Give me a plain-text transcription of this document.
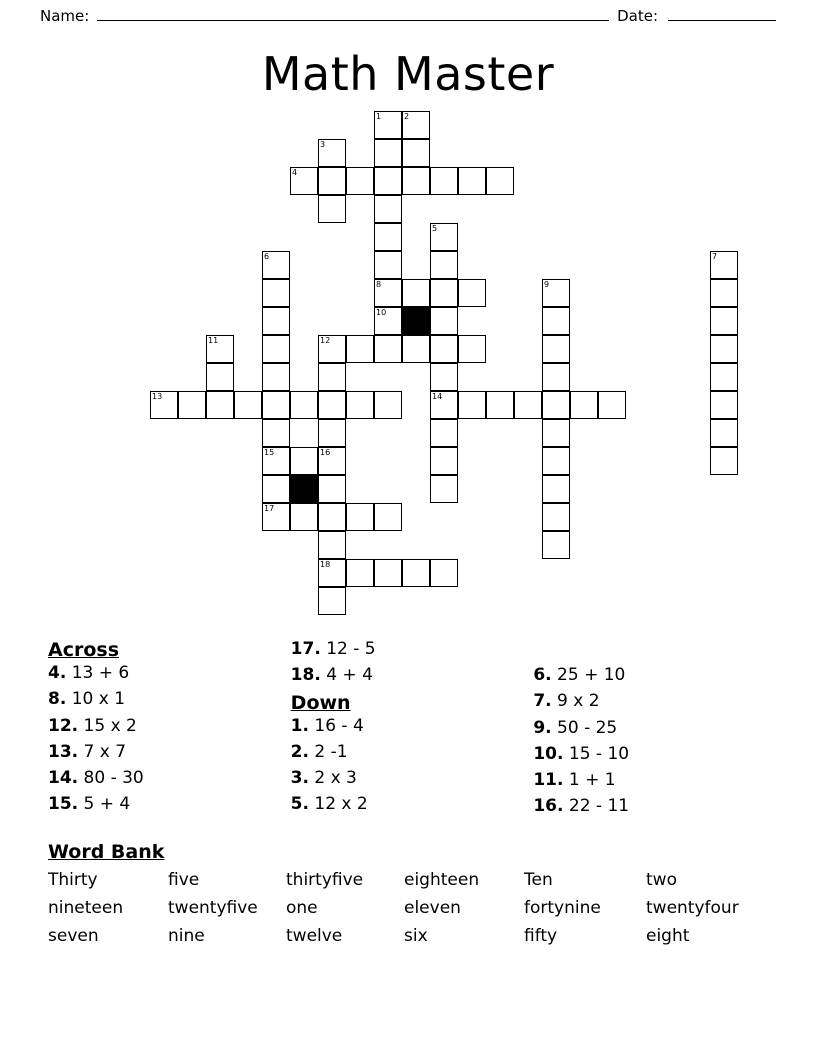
Name:	Date:
Math Master
1	2
3
4
5
6	7
8	9
10
11	12
13	14
15	16
17
18
Across
4. 13 + 6
8. 10 x 1
12. 15 x 2
13. 7 x 7
14. 80 - 30
15. 5 + 4
17. 12 - 5
18. 4 + 4
Down
1. 16 - 4
2. 2 -1
3. 2 x 3
5. 12 x 2
6. 25 + 10
7. 9 x 2
9. 50 - 25
10. 15 - 10
11. 1 + 1
16. 22 - 11
Word Bank
Thirty	five	thirtyfive	eighteen	Ten	two
nineteen	twentyfive	one	eleven	fortynine	twentyfour
seven	nine	twelve	six	fifty	eight
